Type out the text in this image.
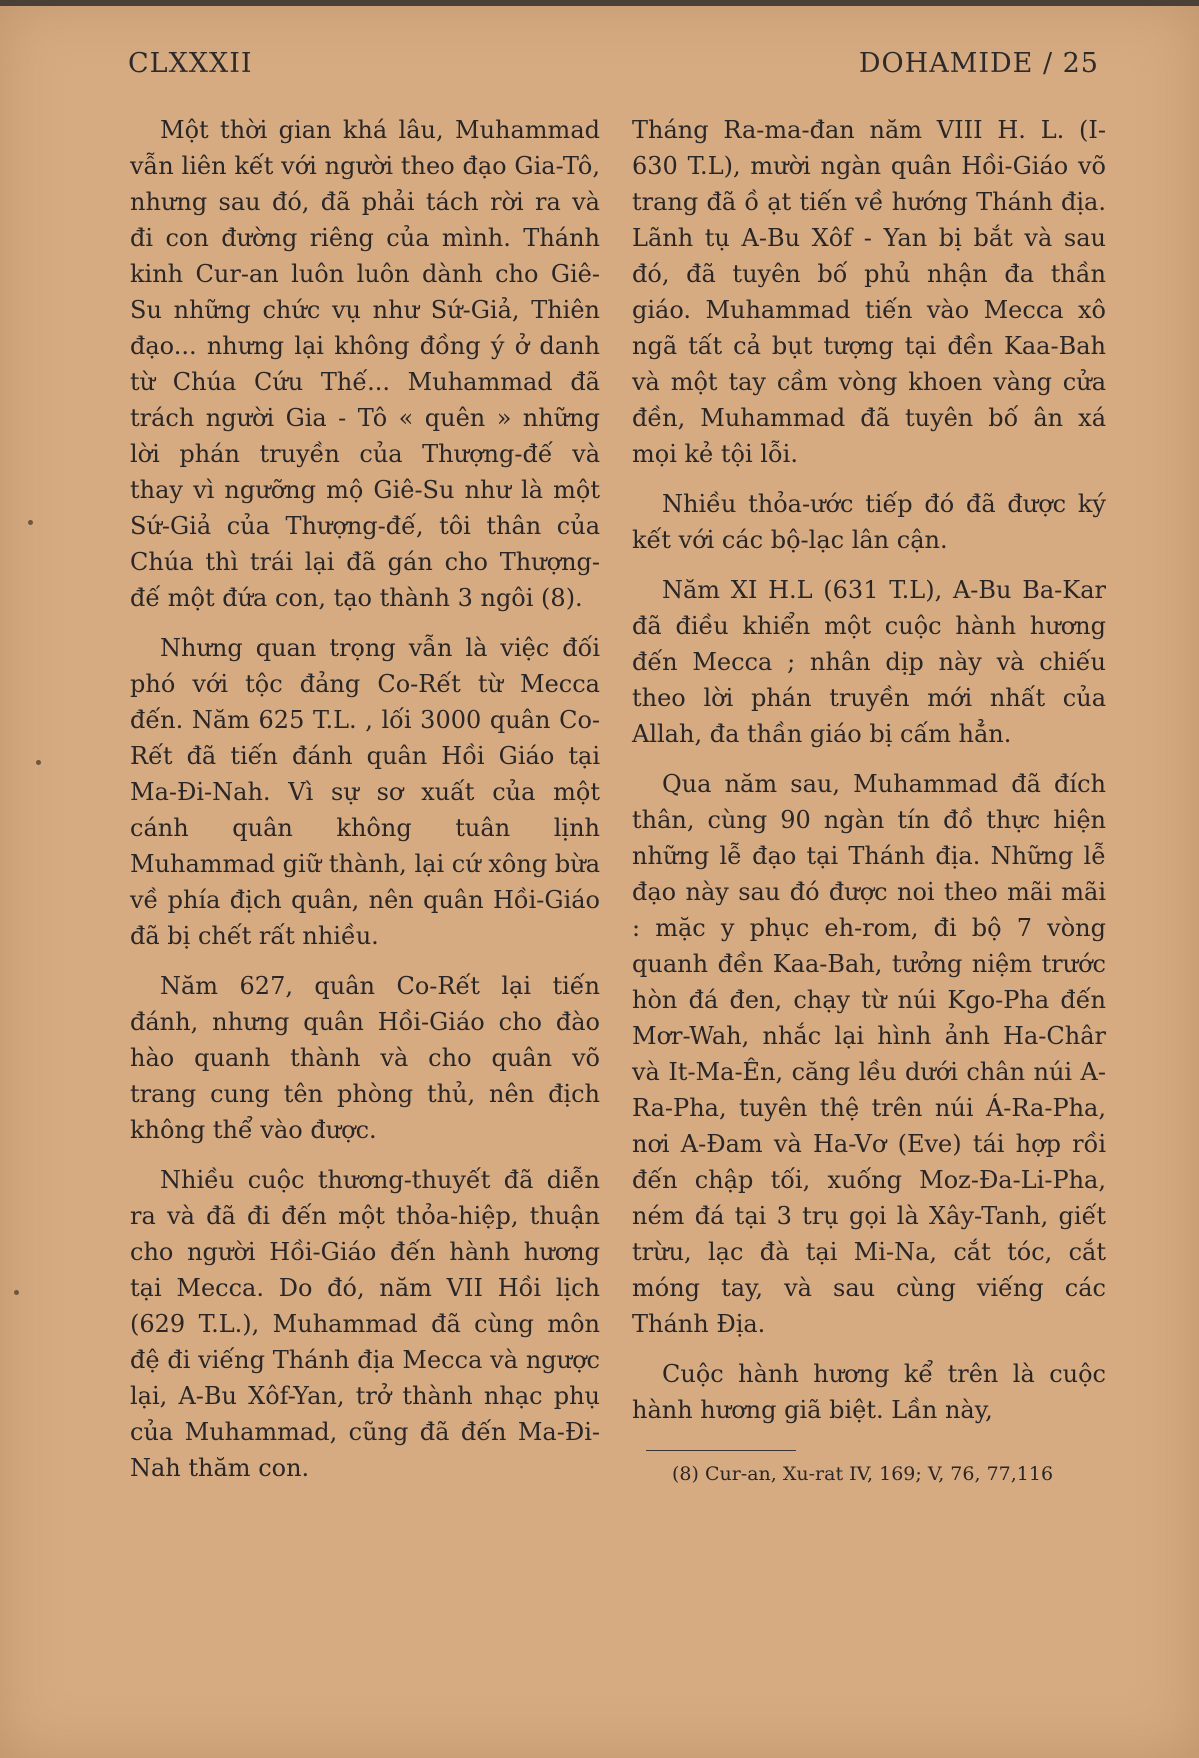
CLXXXII	DOHAMIDE / 25

Một thời gian khá lâu, Muhammad vẫn liên kết với người theo đạo Gia-Tô, nhưng sau đó, đã phải tách rời ra và đi con đường riêng của mình. Thánh kinh Cur-an luôn luôn dành cho Giê-Su những chức vụ như Sứ-Giả, Thiên đạo... nhưng lại không đồng ý ở danh từ Chúa Cứu Thế... Muhammad đã trách người Gia - Tô « quên » những lời phán truyền của Thượng-đế và thay vì ngưỡng mộ Giê-Su như là một Sứ-Giả của Thượng-đế, tôi thân của Chúa thì trái lại đã gán cho Thượng-đế một đứa con, tạo thành 3 ngôi (8).

Nhưng quan trọng vẫn là việc đối phó với tộc đảng Co-Rết từ Mecca đến. Năm 625 T.L. , lối 3000 quân Co-Rết đã tiến đánh quân Hồi Giáo tại Ma-Đi-Nah. Vì sự sơ xuất của một cánh quân không tuân lịnh Muhammad giữ thành, lại cứ xông bừa về phía địch quân, nên quân Hồi-Giáo đã bị chết rất nhiều.

Năm 627, quân Co-Rết lại tiến đánh, nhưng quân Hồi-Giáo cho đào hào quanh thành và cho quân võ trang cung tên phòng thủ, nên địch không thể vào được.

Nhiều cuộc thương-thuyết đã diễn ra và đã đi đến một thỏa-hiệp, thuận cho người Hồi-Giáo đến hành hương tại Mecca. Do đó, năm VII Hồi lịch (629 T.L.), Muhammad đã cùng môn đệ đi viếng Thánh địa Mecca và ngược lại, A-Bu Xôf-Yan, trở thành nhạc phụ của Muhammad, cũng đã đến Ma-Đi-Nah thăm con.

Tháng Ra-ma-đan năm VIII H. L. (I-630 T.L), mười ngàn quân Hồi-Giáo võ trang đã ồ ạt tiến về hướng Thánh địa. Lãnh tụ A-Bu Xôf - Yan bị bắt và sau đó, đã tuyên bố phủ nhận đa thần giáo. Muhammad tiến vào Mecca xô ngã tất cả bụt tượng tại đền Kaa-Bah và một tay cầm vòng khoen vàng cửa đền, Muhammad đã tuyên bố ân xá mọi kẻ tội lỗi.

Nhiều thỏa-ước tiếp đó đã được ký kết với các bộ-lạc lân cận.

Năm XI H.L (631 T.L), A-Bu Ba-Kar đã điều khiển một cuộc hành hương đến Mecca ; nhân dịp này và chiếu theo lời phán truyền mới nhất của Allah, đa thần giáo bị cấm hẳn.

Qua năm sau, Muhammad đã đích thân, cùng 90 ngàn tín đồ thực hiện những lễ đạo tại Thánh địa. Những lễ đạo này sau đó được noi theo mãi mãi : mặc y phục eh-rom, đi bộ 7 vòng quanh đền Kaa-Bah, tưởng niệm trước hòn đá đen, chạy từ núi Kgo-Pha đến Mơr-Wah, nhắc lại hình ảnh Ha-Châr và It-Ma-Ên, căng lều dưới chân núi A-Ra-Pha, tuyên thệ trên núi Á-Ra-Pha, nơi A-Đam và Ha-Vơ (Eve) tái hợp rồi đến chập tối, xuống Moz-Đa-Li-Pha, ném đá tại 3 trụ gọi là Xây-Tanh, giết trừu, lạc đà tại Mi-Na, cắt tóc, cắt móng tay, và sau cùng viếng các Thánh Địa.

Cuộc hành hương kể trên là cuộc hành hương giã biệt. Lần này,

(8) Cur-an, Xu-rat IV, 169; V, 76, 77,116
